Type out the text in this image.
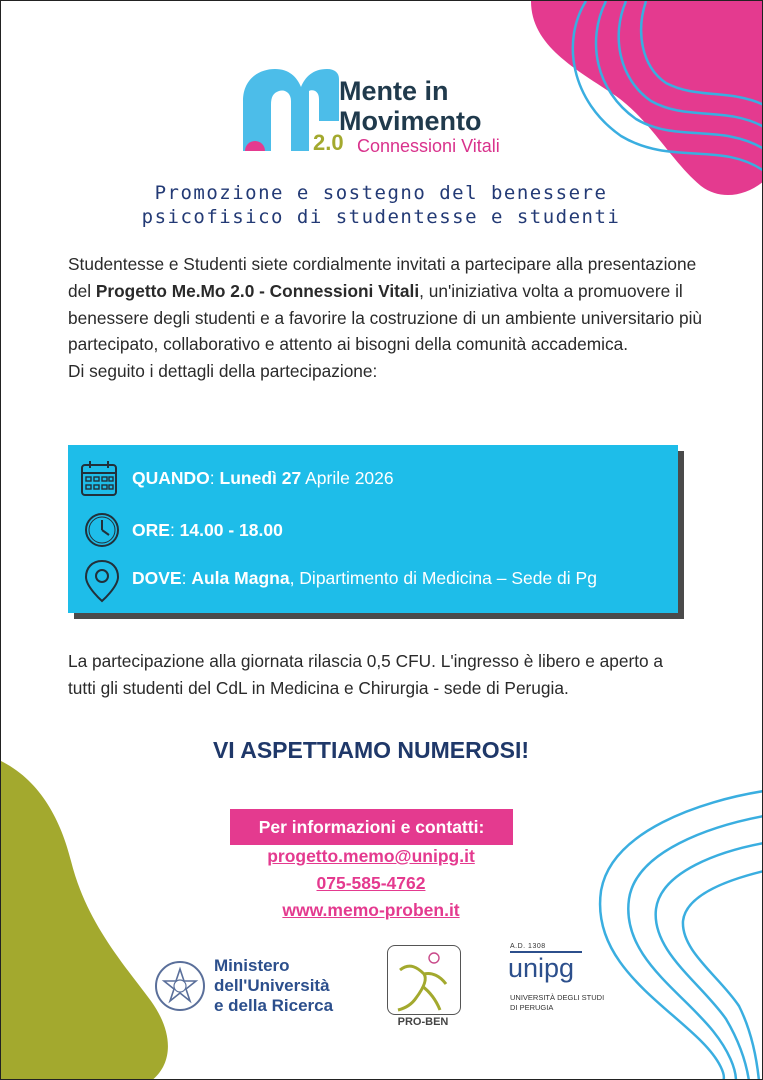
Mente in
Movimento
2.0 Connessioni Vitali
Promozione e sostegno del benessere
psicofisico di studentesse e studenti
Studentesse e Studenti siete cordialmente invitati a partecipare alla presentazione del Progetto Me.Mo 2.0 - Connessioni Vitali, un'iniziativa volta a promuovere il benessere degli studenti e a favorire la costruzione di un ambiente universitario più partecipato, collaborativo e attento ai bisogni della comunità accademica.
Di seguito i dettagli della partecipazione:
QUANDO: Lunedì 27 Aprile 2026
ORE: 14.00 - 18.00
DOVE: Aula Magna, Dipartimento di Medicina – Sede di Pg
La partecipazione alla giornata rilascia 0,5 CFU. L'ingresso è libero e aperto a tutti gli studenti del CdL in Medicina e Chirurgia - sede di Perugia.
VI ASPETTIAMO NUMEROSI!
Per informazioni e contatti:
progetto.memo@unipg.it
075-585-4762
www.memo-proben.it
Ministero
dell'Università
e della Ricerca
PRO-BEN
A.D. 1308
unipg
UNIVERSITÀ DEGLI STUDI
DI PERUGIA
